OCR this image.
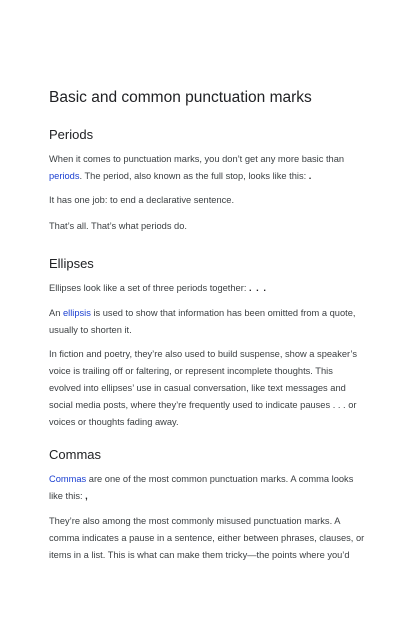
Basic and common punctuation marks
Periods

When it comes to punctuation marks, you don’t get any more basic than periods. The period, also known as the full stop, looks like this: .

It has one job: to end a declarative sentence.

That’s all. That’s what periods do.

Ellipses

Ellipses look like a set of three periods together: . . .

An ellipsis is used to show that information has been omitted from a quote, usually to shorten it.

In fiction and poetry, they’re also used to build suspense, show a speaker’s voice is trailing off or faltering, or represent incomplete thoughts. This evolved into ellipses’ use in casual conversation, like text messages and social media posts, where they’re frequently used to indicate pauses . . . or voices or thoughts fading away.

Commas

Commas are one of the most common punctuation marks. A comma looks like this: ,

They’re also among the most commonly misused punctuation marks. A comma indicates a pause in a sentence, either between phrases, clauses, or items in a list. This is what can make them tricky—the points where you’d
